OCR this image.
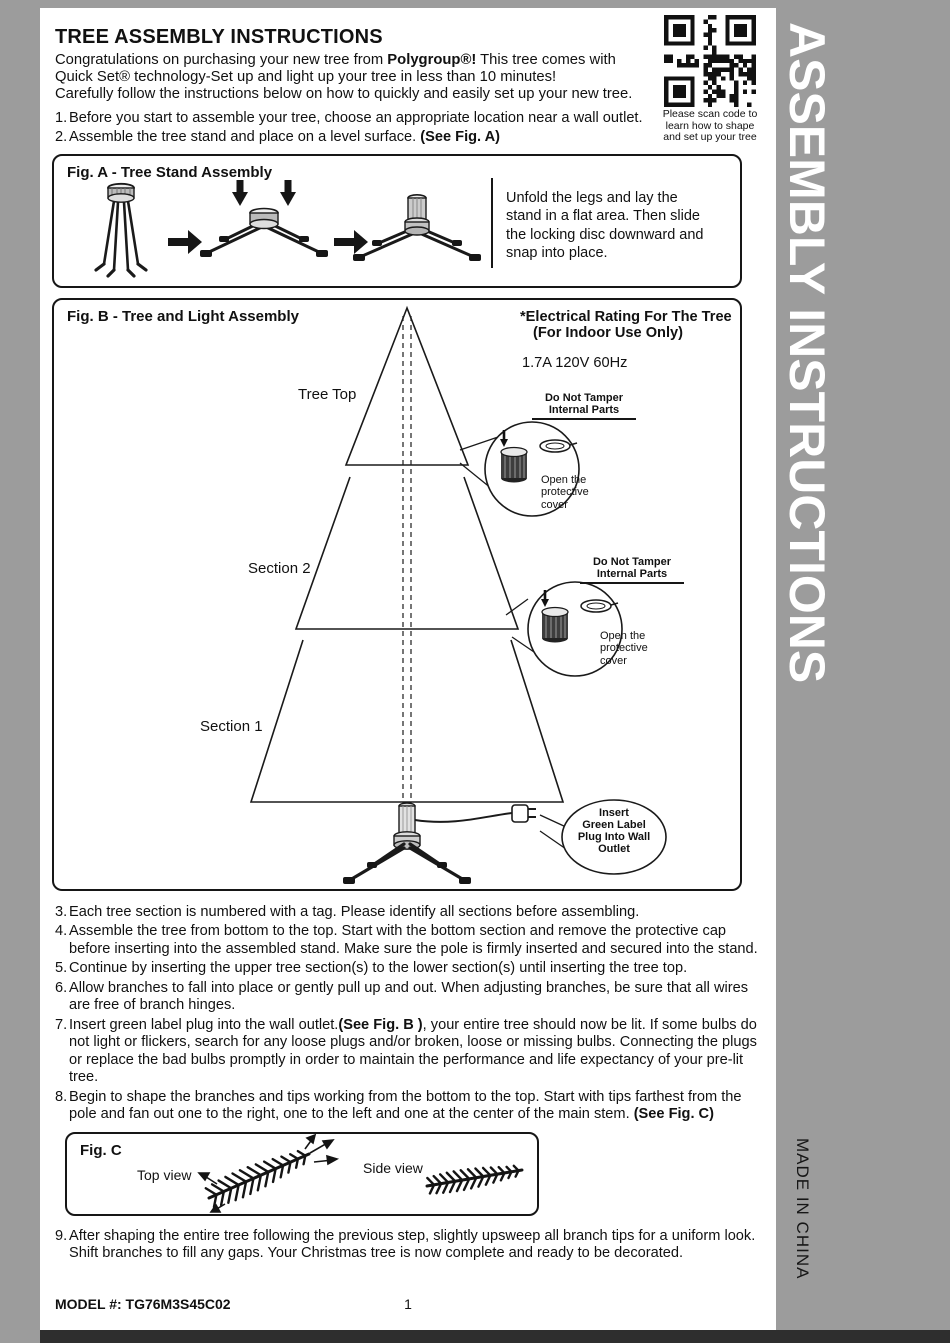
TREE ASSEMBLY INSTRUCTIONS
Congratulations on purchasing your new tree from Polygroup®! This tree comes with
Quick Set® technology-Set up and light up your tree in less than 10 minutes!
Carefully follow the instructions below on how to quickly and easily set up your new tree.
Please scan code to
learn how to shape
and set up your tree
1. Before you start to assemble your tree, choose an appropriate location near a wall outlet.
2. Assemble the tree stand and place on a level surface. (See Fig. A)
Fig. A - Tree Stand Assembly
Unfold the legs and lay the
stand in a flat area. Then slide
the locking disc downward and
snap into place.
Fig. B - Tree and Light Assembly	*Electrical Rating For The Tree
(For Indoor Use Only)
1.7A 120V 60Hz
Tree Top
Section 2
Section 1
Do Not Tamper
Internal Parts
Do Not Tamper
Internal Parts
Open the
protective
cover
Open the
protective
cover
Insert
Green Label
Plug Into Wall
Outlet
3. Each tree section is numbered with a tag. Please identify all sections before assembling.
4. Assemble the tree from bottom to the top. Start with the bottom section and remove the protective cap before inserting into the assembled stand. Make sure the pole is firmly inserted and secured into the stand.
5. Continue by inserting the upper tree section(s) to the lower section(s) until inserting the tree top.
6. Allow branches to fall into place or gently pull up and out. When adjusting branches, be sure that all wires are free of branch hinges.
7. Insert green label plug into the wall outlet.(See Fig. B ), your entire tree should now be lit. If some bulbs do not light or flickers, search for any loose plugs and/or broken, loose or missing bulbs. Connecting the plugs or replace the bad bulbs promptly in order to maintain the performance and life expectancy of your pre-lit tree.
8. Begin to shape the branches and tips working from the bottom to the top. Start with tips farthest from the pole and fan out one to the right, one to the left and one at the center of the main stem. (See Fig. C)
Fig. C
Top view	Side view
9. After shaping the entire tree following the previous step, slightly upsweep all branch tips for a uniform look. Shift branches to fill any gaps. Your Christmas tree is now complete and ready to be decorated.
MODEL #: TG76M3S45C02	1
ASSEMBLY INSTRUCTIONS
MADE IN CHINA
